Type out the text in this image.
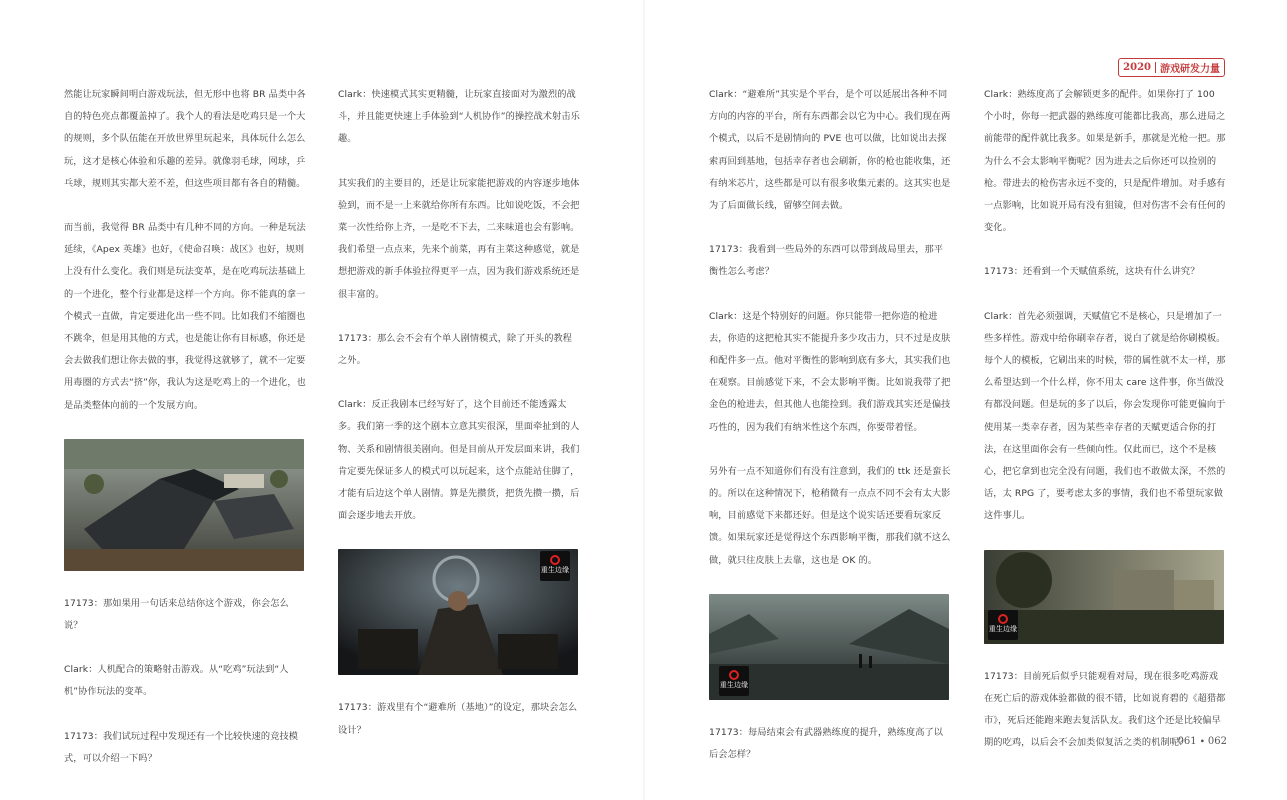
2020 游戏研发力量

然能让玩家瞬间明白游戏玩法，但无形中也将 BR 品类中各自的特色亮点都覆盖掉了。我个人的看法是吃鸡只是一个大的规则，多个队伍能在开放世界里玩起来，具体玩什么怎么玩，这才是核心体验和乐趣的差异。就像羽毛球，网球，乒乓球，规则其实都大差不差，但这些项目都有各自的精髓。

而当前，我觉得 BR 品类中有几种不同的方向。一种是玩法延续，《Apex 英雄》也好，《使命召唤：战区》也好，规则上没有什么变化。我们则是玩法变革，是在吃鸡玩法基础上的一个进化，整个行业都是这样一个方向。你不能真的拿一个模式一直做，肯定要进化出一些不同。比如我们不缩圈也不跳伞，但是用其他的方式，也是能让你有目标感，你还是会去做我们想让你去做的事，我觉得这就够了，就不一定要用毒圈的方式去“挤”你，我认为这是吃鸡上的一个进化，也是品类整体向前的一个发展方向。

17173：那如果用一句话来总结你这个游戏，你会怎么说？

Clark：人机配合的策略射击游戏。从“吃鸡”玩法到“人机”协作玩法的变革。

17173：我们试玩过程中发现还有一个比较快速的竞技模式，可以介绍一下吗？

Clark：快速模式其实更精髓，让玩家直接面对为激烈的战斗，并且能更快速上手体验到“人机协作”的操控战术射击乐趣。

其实我们的主要目的，还是让玩家能把游戏的内容逐步地体验到，而不是一上来就给你所有东西。比如说吃饭，不会把菜一次性给你上齐，一是吃不下去，二来味道也会有影响。我们希望一点点来，先来个前菜，再有主菜这种感觉，就是想把游戏的新手体验拉得更平一点，因为我们游戏系统还是很丰富的。

17173：那么会不会有个单人剧情模式，除了开头的教程之外。

Clark：反正我剧本已经写好了，这个目前还不能透露太多。我们第一季的这个剧本立意其实很深，里面牵扯到的人物、关系和剧情很美剧向。但是目前从开发层面来讲，我们肯定要先保证多人的模式可以玩起来，这个点能站住脚了，才能有后边这个单人剧情。算是先攒货，把货先攒一攒，后面会逐步地去开放。

重生边缘

17173：游戏里有个“避难所（基地）”的设定，那块会怎么设计？

Clark：“避难所”其实是个平台，是个可以延展出各种不同方向的内容的平台，所有东西都会以它为中心。我们现在两个模式，以后不是剧情向的 PVE 也可以做，比如说出去探索再回到基地，包括幸存者也会刷新，你的枪也能收集，还有纳米芯片，这些都是可以有很多收集元素的。这其实也是为了后面做长线，留够空间去做。

17173：我看到一些局外的东西可以带到战局里去，那平衡性怎么考虑？

Clark：这是个特别好的问题。你只能带一把你造的枪进去，你造的这把枪其实不能提升多少攻击力，只不过是皮肤和配件多一点。他对平衡性的影响到底有多大，其实我们也在观察。目前感觉下来，不会太影响平衡。比如说我带了把金色的枪进去，但其他人也能捡到。我们游戏其实还是偏技巧性的，因为我们有纳米性这个东西，你要带着怪。

另外有一点不知道你们有没有注意到，我们的 ttk 还是蛮长的。所以在这种情况下，枪稍微有一点点不同不会有太大影响，目前感觉下来都还好。但是这个说实话还要看玩家反馈。如果玩家还是觉得这个东西影响平衡，那我们就不这么做，就只往皮肤上去靠，这也是 OK 的。

重生边缘

17173：每局结束会有武器熟练度的提升，熟练度高了以后会怎样？

Clark：熟练度高了会解锁更多的配件。如果你打了 100 个小时，你每一把武器的熟练度可能都比我高，那么进局之前能带的配件就比我多。如果是新手，那就是光枪一把。那为什么不会太影响平衡呢？因为进去之后你还可以捡别的枪。带进去的枪伤害永远不变的，只是配件增加。对手感有一点影响，比如说开局有没有狙镜，但对伤害不会有任何的变化。

17173：还看到一个天赋值系统，这块有什么讲究？

Clark：首先必须强调，天赋值它不是核心，只是增加了一些多样性。游戏中给你刷幸存者，说白了就是给你刷模板。每个人的模板，它刷出来的时候，带的属性就不太一样，那么希望达到一个什么样，你不用太 care 这件事，你当做没有都没问题。但是玩的多了以后，你会发现你可能更偏向于使用某一类幸存者，因为某些幸存者的天赋更适合你的打法，在这里面你会有一些倾向性。仅此而已，这个不是核心，把它拿到也完全没有问题，我们也不敢做太深，不然的话，太 RPG 了，要考虑太多的事情，我们也不希望玩家做这件事儿。

重生边缘

17173：目前死后似乎只能观看对局，现在很多吃鸡游戏在死亡后的游戏体验都做的很不错，比如说育碧的《超猎都市》，死后还能跑来跑去复活队友。我们这个还是比较偏早期的吃鸡，以后会不会加类似复活之类的机制呢？

061 ∙ 062
